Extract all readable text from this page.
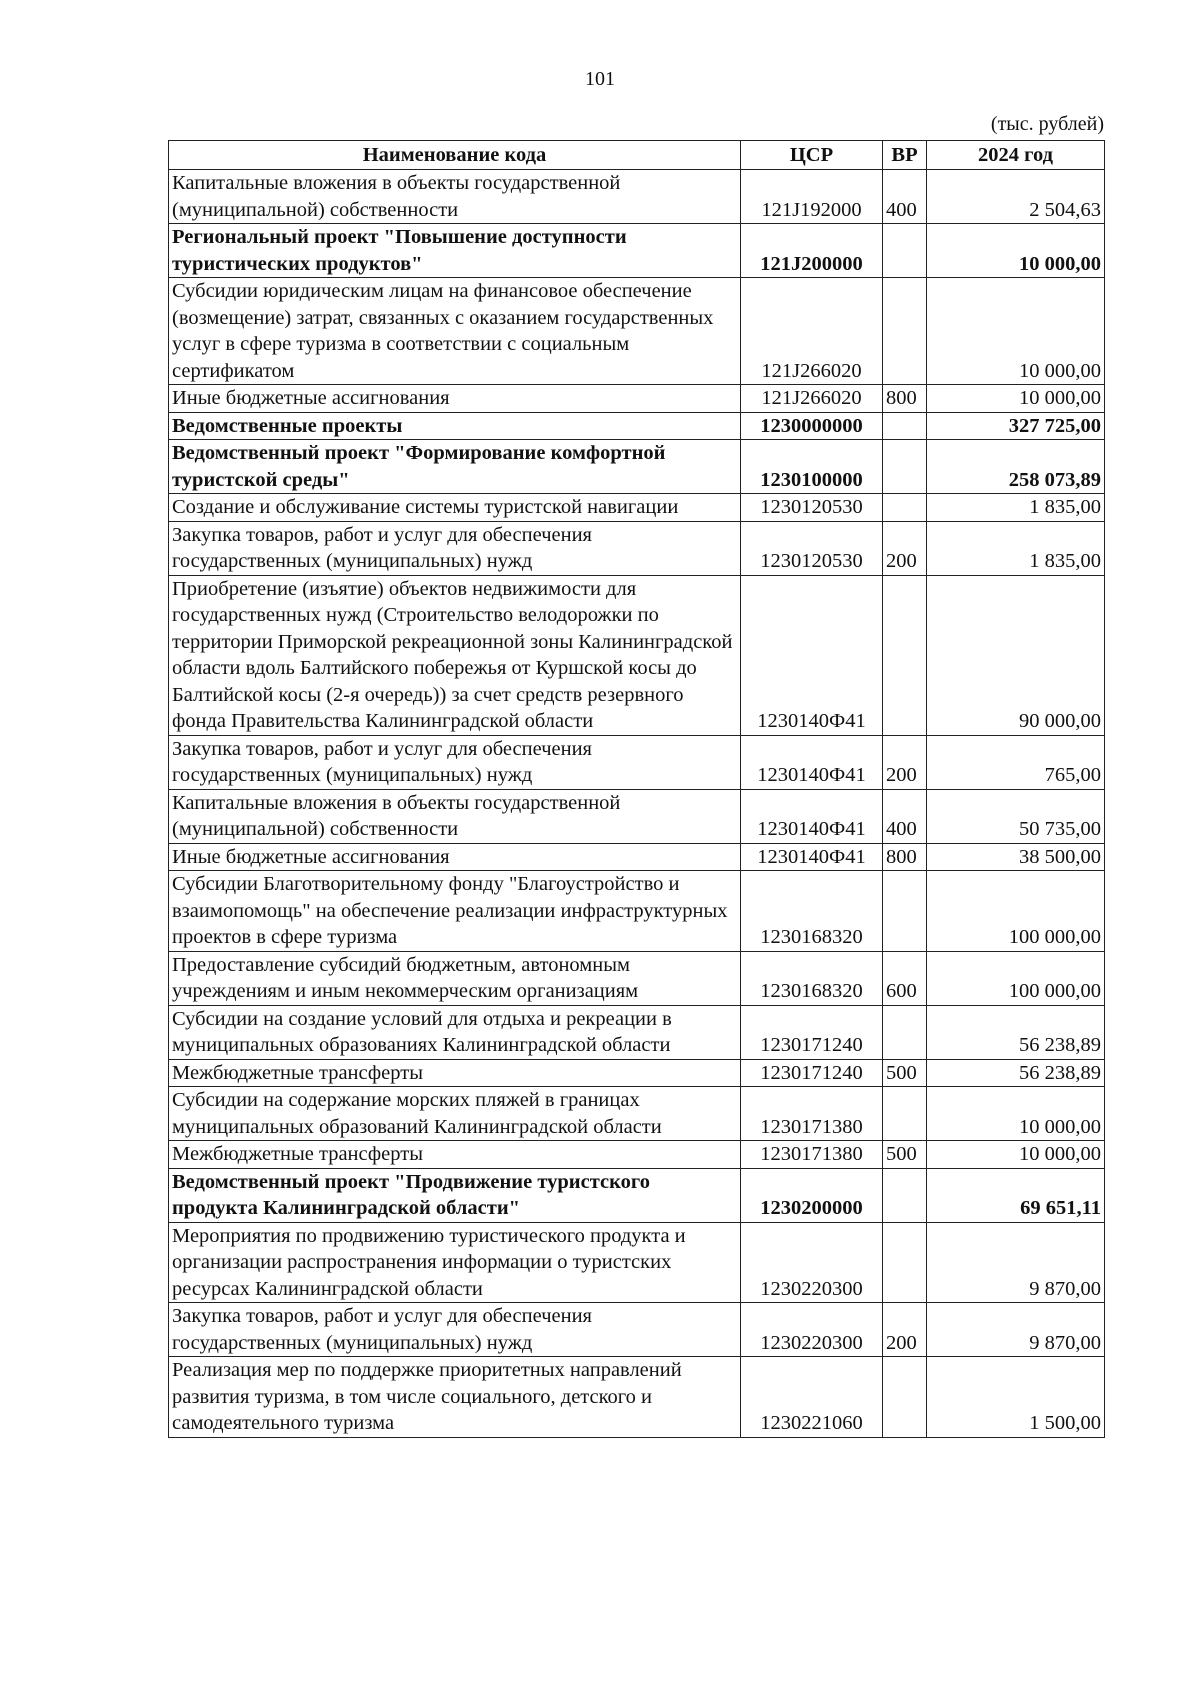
101
(тыс. рублей)
Наименование кода	ЦСР	ВР	2024 год
Капитальные вложения в объекты государственной (муниципальной) собственности	121J192000	400	2 504,63
Региональный проект "Повышение доступности туристических продуктов"	121J200000		10 000,00
Субсидии юридическим лицам на финансовое обеспечение (возмещение) затрат, связанных с оказанием государственных услуг в сфере туризма в соответствии с социальным сертификатом	121J266020		10 000,00
Иные бюджетные ассигнования	121J266020	800	10 000,00
Ведомственные проекты	1230000000		327 725,00
Ведомственный проект "Формирование комфортной туристской среды"	1230100000		258 073,89
Создание и обслуживание системы туристской навигации	1230120530		1 835,00
Закупка товаров, работ и услуг для обеспечения государственных (муниципальных) нужд	1230120530	200	1 835,00
Приобретение (изъятие) объектов недвижимости для государственных нужд (Строительство велодорожки по территории Приморской рекреационной зоны Калининградской области вдоль Балтийского побережья от Куршской косы до Балтийской косы (2-я очередь)) за счет средств резервного фонда Правительства Калининградской области	1230140Ф41		90 000,00
Закупка товаров, работ и услуг для обеспечения государственных (муниципальных) нужд	1230140Ф41	200	765,00
Капитальные вложения в объекты государственной (муниципальной) собственности	1230140Ф41	400	50 735,00
Иные бюджетные ассигнования	1230140Ф41	800	38 500,00
Субсидии Благотворительному фонду "Благоустройство и взаимопомощь" на обеспечение реализации инфраструктурных проектов в сфере туризма	1230168320		100 000,00
Предоставление субсидий бюджетным, автономным учреждениям и иным некоммерческим организациям	1230168320	600	100 000,00
Субсидии на создание условий для отдыха и рекреации в муниципальных образованиях Калининградской области	1230171240		56 238,89
Межбюджетные трансферты	1230171240	500	56 238,89
Субсидии на содержание морских пляжей в границах муниципальных образований Калининградской области	1230171380		10 000,00
Межбюджетные трансферты	1230171380	500	10 000,00
Ведомственный проект "Продвижение туристского продукта Калининградской области"	1230200000		69 651,11
Мероприятия по продвижению туристического продукта и организации распространения информации о туристских ресурсах Калининградской области	1230220300		9 870,00
Закупка товаров, работ и услуг для обеспечения государственных (муниципальных) нужд	1230220300	200	9 870,00
Реализация мер по поддержке приоритетных направлений развития туризма, в том числе социального, детского и самодеятельного туризма	1230221060		1 500,00
